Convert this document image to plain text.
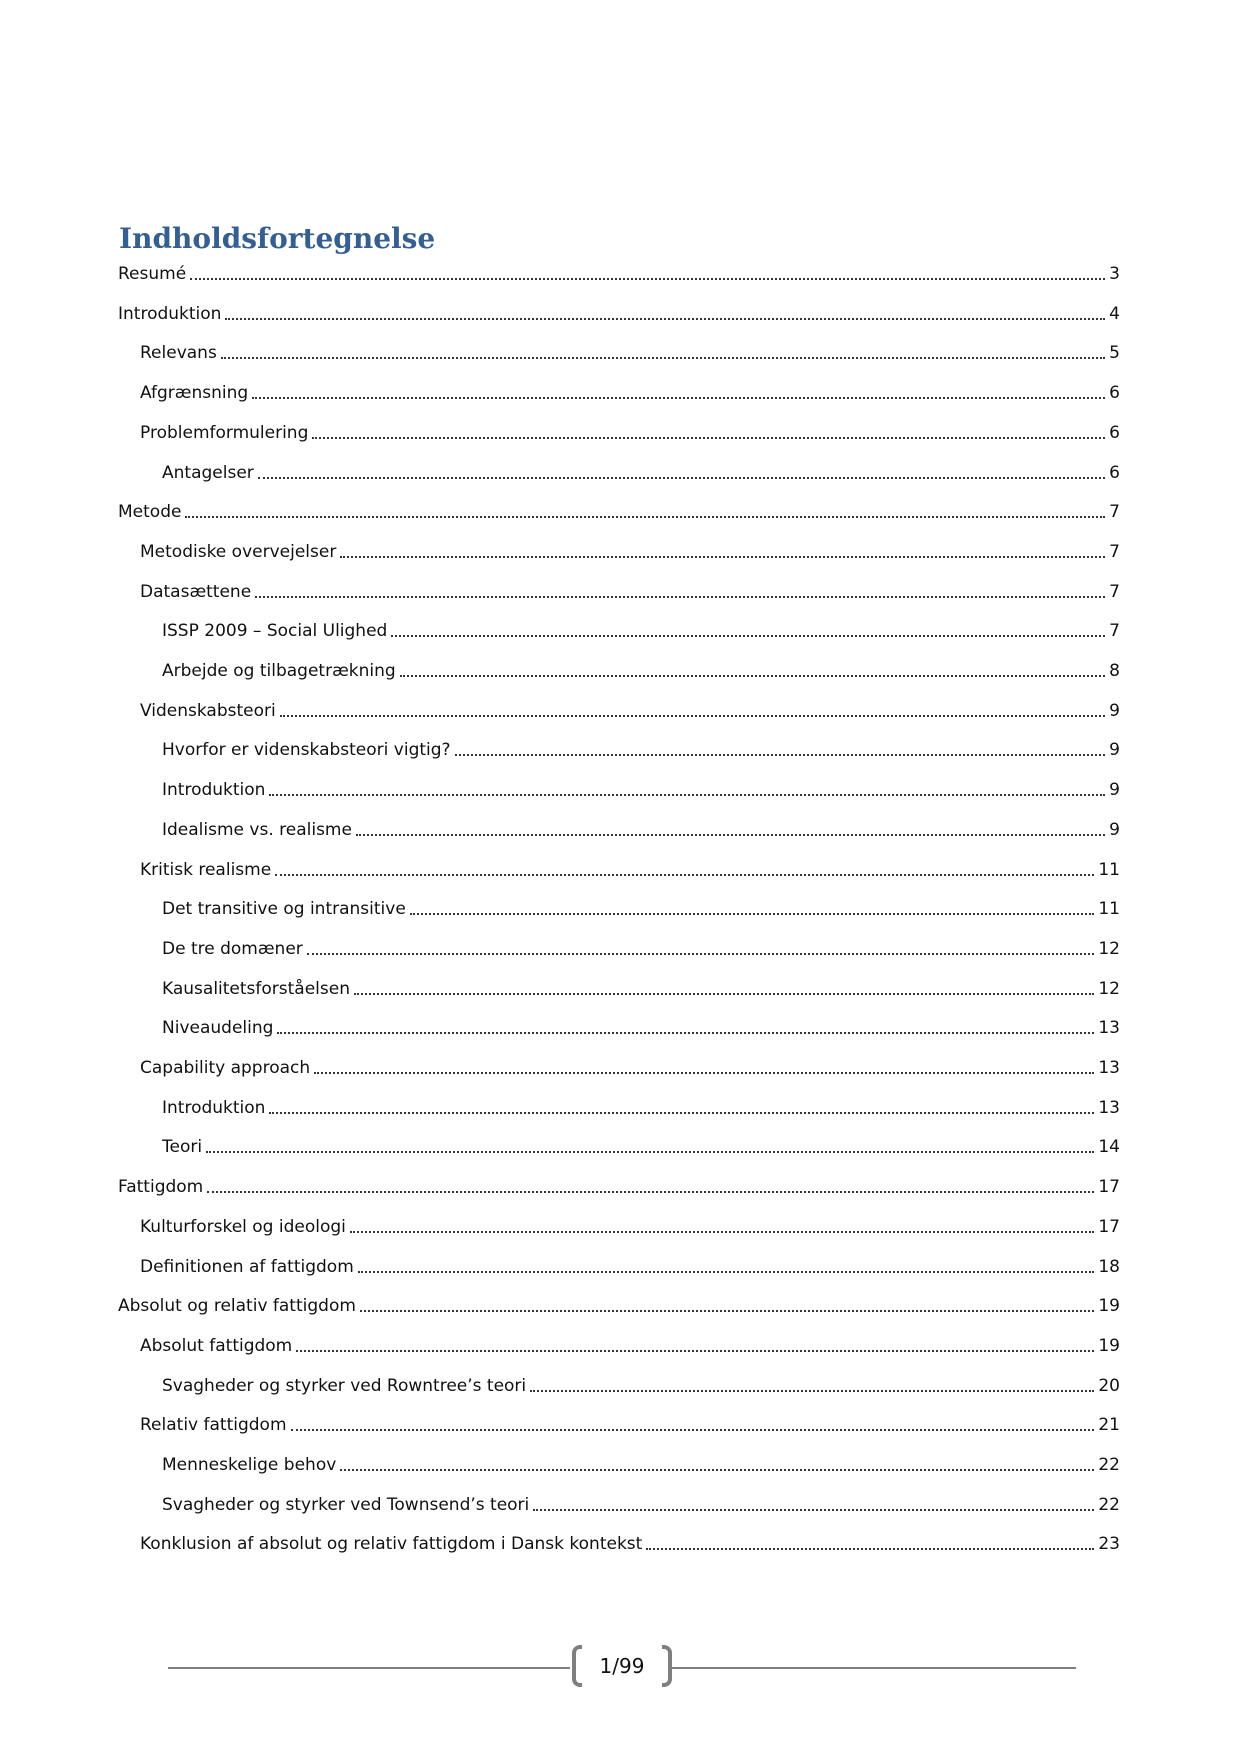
Indholdsfortegnelse
Resumé	3
Introduktion	4
Relevans	5
Afgrænsning	6
Problemformulering	6
Antagelser	6
Metode	7
Metodiske overvejelser	7
Datasættene	7
ISSP 2009 – Social Ulighed	7
Arbejde og tilbagetrækning	8
Videnskabsteori	9
Hvorfor er videnskabsteori vigtig?	9
Introduktion	9
Idealisme vs. realisme	9
Kritisk realisme	11
Det transitive og intransitive	11
De tre domæner	12
Kausalitetsforståelsen	12
Niveaudeling	13
Capability approach	13
Introduktion	13
Teori	14
Fattigdom	17
Kulturforskel og ideologi	17
Definitionen af fattigdom	18
Absolut og relativ fattigdom	19
Absolut fattigdom	19
Svagheder og styrker ved Rowntree’s teori	20
Relativ fattigdom	21
Menneskelige behov	22
Svagheder og styrker ved Townsend’s teori	22
Konklusion af absolut og relativ fattigdom i Dansk kontekst	23
1/99
